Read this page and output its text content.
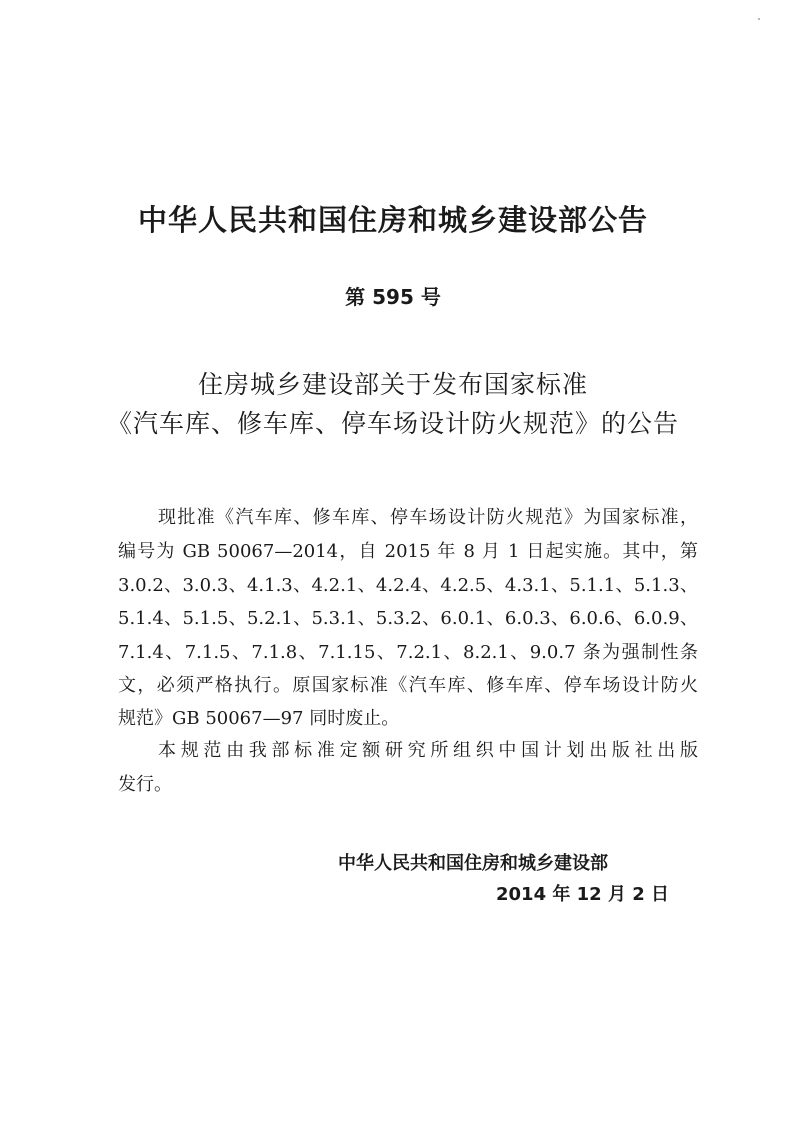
中华人民共和国住房和城乡建设部公告
第 595 号
住房城乡建设部关于发布国家标准
《汽车库、修车库、停车场设计防火规范》的公告
现批准《汽车库、修车库、停车场设计防火规范》为国家标准，
编号为 GB 50067—2014，自 2015 年 8 月 1 日起实施。其中，第
3.0.2、3.0.3、4.1.3、4.2.1、4.2.4、4.2.5、4.3.1、5.1.1、5.1.3、
5.1.4、5.1.5、5.2.1、5.3.1、5.3.2、6.0.1、6.0.3、6.0.6、6.0.9、
7.1.4、7.1.5、7.1.8、7.1.15、7.2.1、8.2.1、9.0.7 条为强制性条
文，必须严格执行。原国家标准《汽车库、修车库、停车场设计防火
规范》GB 50067—97 同时废止。
本规范由我部标准定额研究所组织中国计划出版社出版
发行。
中华人民共和国住房和城乡建设部
2014 年 12 月 2 日
